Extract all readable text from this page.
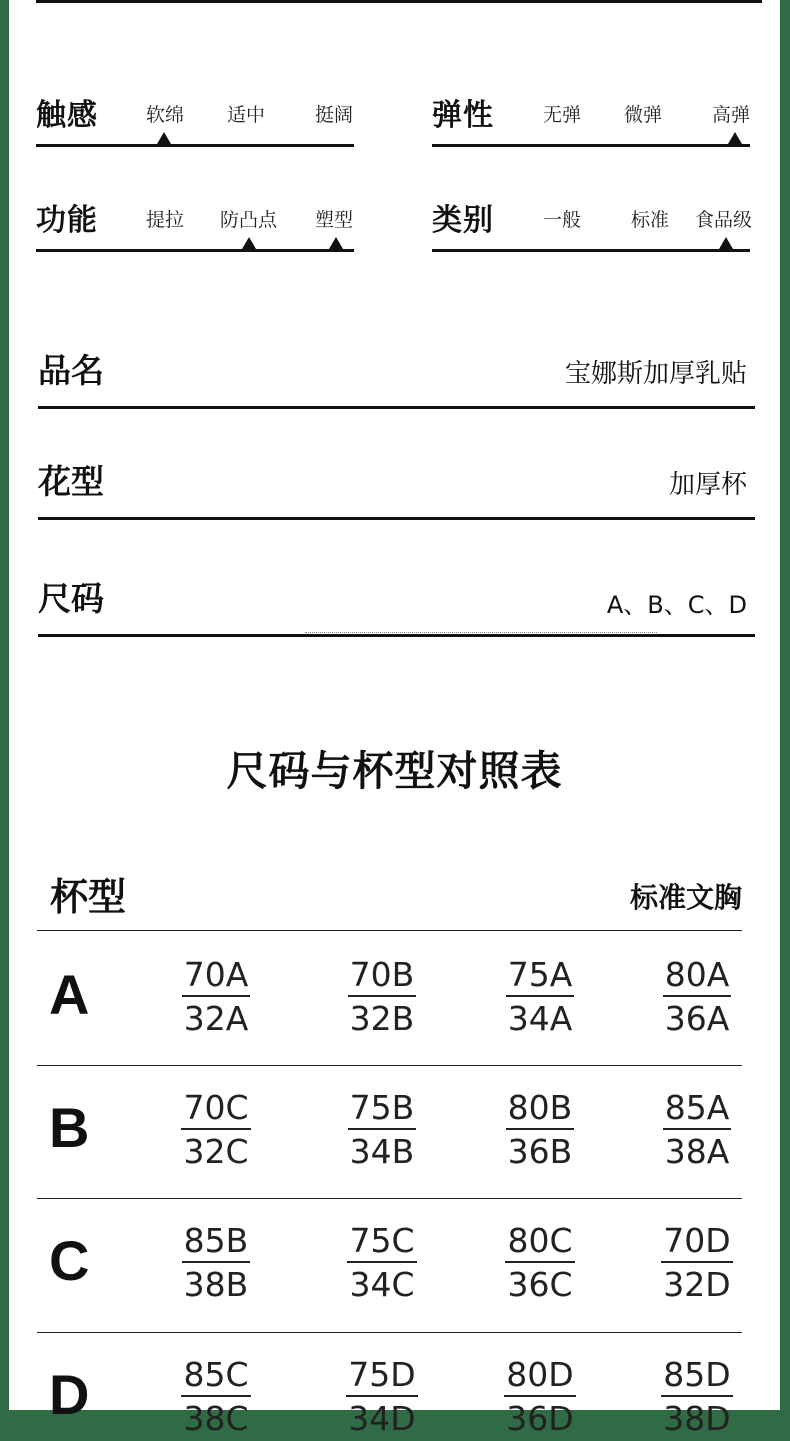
触感	软绵 适中	挺阔	弹性	无弹 微弹	高弹
功能	提拉 防凸点 塑型	类别	一般	标准 食品级
品名	宝娜斯加厚乳贴
花型	加厚杯
尺码	A、B、C、D
尺码与杯型对照表
杯型	标准文胸
A $\frac{70A}{32A} \frac{70B}{32B} \frac{75A}{34A} \frac{80A}{36A}$
B $\frac{70C}{32C} \frac{75B}{34B} \frac{80B}{36B} \frac{85A}{38A}$
C $\frac{85B}{38B} \frac{75C}{34C} \frac{80C}{36C} \frac{70D}{32D}$
D $\frac{85C}{38C} \frac{75D}{34D} \frac{80D}{36D} \frac{85D}{38D}$
